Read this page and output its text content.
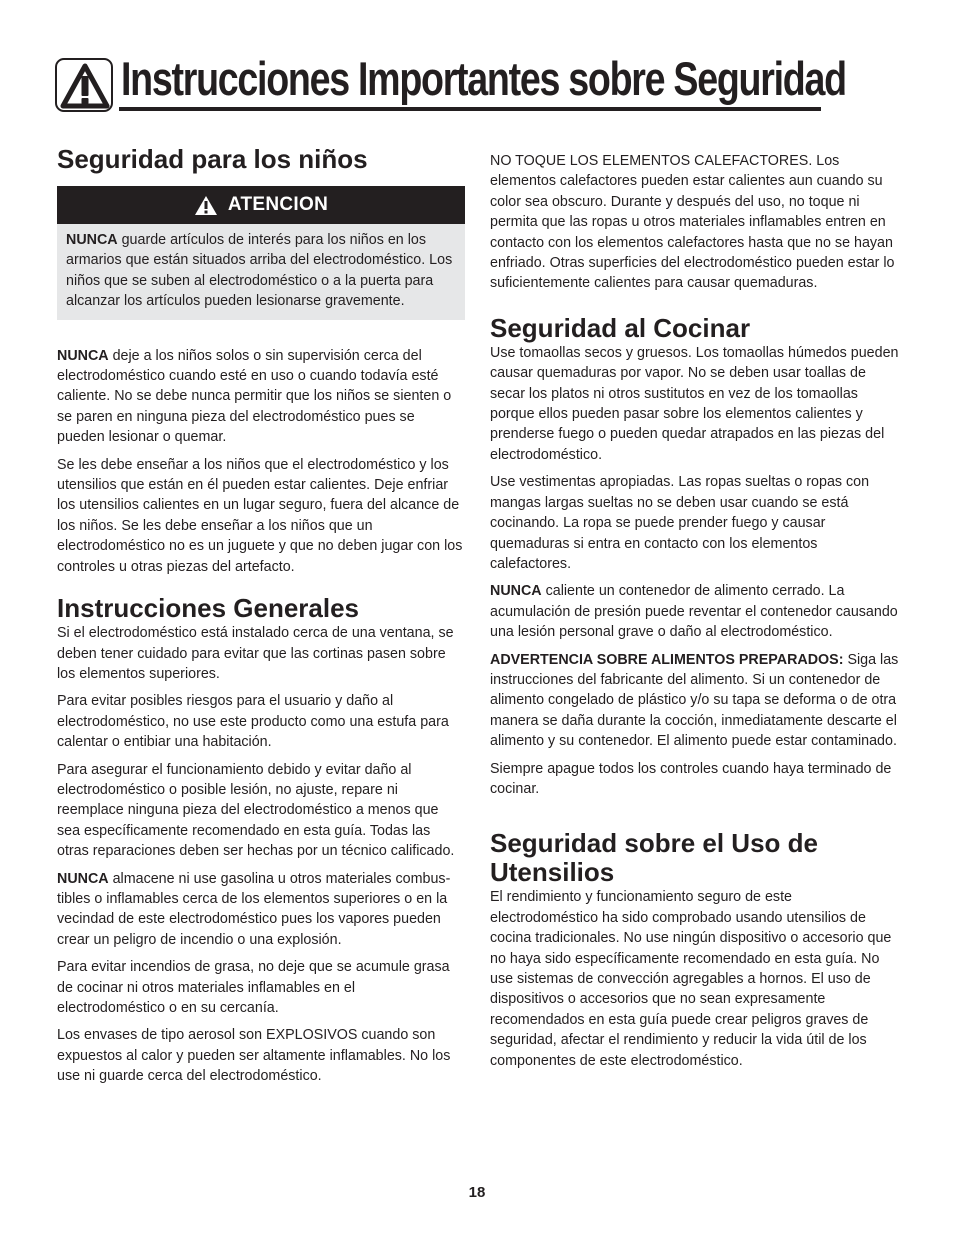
Instrucciones Importantes sobre Seguridad
Seguridad para los niños
ATENCION
NUNCA guarde artículos de interés para los niños en los armarios que están situados arriba del electrodoméstico. Los niños que se suben al electrodoméstico o a la puerta para alcanzar los artículos pueden lesionarse gravemente.

NUNCA deje a los niños solos o sin supervisión cerca del electrodoméstico cuando esté en uso o cuando todavía esté caliente. No se debe nunca permitir que los niños se sienten o se paren en ninguna pieza del electrodoméstico pues se pueden lesionar o quemar.

Se les debe enseñar a los niños que el electrodoméstico y los utensilios que están en él pueden estar calientes. Deje enfriar los utensilios calientes en un lugar seguro, fuera del alcance de los niños. Se les debe enseñar a los niños que un electrodoméstico no es un juguete y que no deben jugar con los controles u otras piezas del artefacto.

Instrucciones Generales

Si el electrodoméstico está instalado cerca de una ventana, se deben tener cuidado para evitar que las cortinas pasen sobre los elementos superiores.

Para evitar posibles riesgos para el usuario y daño al electrodoméstico, no use este producto como una estufa para calentar o entibiar una habitación.

Para asegurar el funcionamiento debido y evitar daño al electrodoméstico o posible lesión, no ajuste, repare ni reemplace ninguna pieza del electrodoméstico a menos que sea específicamente recomendado en esta guía. Todas las otras reparaciones deben ser hechas por un técnico calificado.

NUNCA almacene ni use gasolina u otros materiales combus-tibles o inflamables cerca de los elementos superiores o en la vecindad de este electrodoméstico pues los vapores pueden crear un peligro de incendio o una explosión.

Para evitar incendios de grasa, no deje que se acumule grasa de cocinar ni otros materiales inflamables en el electrodoméstico o en su cercanía.

Los envases de tipo aerosol son EXPLOSIVOS cuando son expuestos al calor y pueden ser altamente inflamables. No los use ni guarde cerca del electrodoméstico.

NO TOQUE LOS ELEMENTOS CALEFACTORES. Los elementos calefactores pueden estar calientes aun cuando su color sea obscuro. Durante y después del uso, no toque ni permita que las ropas u otros materiales inflamables entren en contacto con los elementos calefactores hasta que no se hayan enfriado. Otras superficies del electrodoméstico pueden estar lo suficientemente calientes para causar quemaduras.

Seguridad al Cocinar

Use tomaollas secos y gruesos. Los tomaollas húmedos pueden causar quemaduras por vapor. No se deben usar toallas de secar los platos ni otros sustitutos en vez de los tomaollas porque ellos pueden pasar sobre los elementos calientes y prenderse fuego o pueden quedar atrapados en las piezas del electrodoméstico.

Use vestimentas apropiadas. Las ropas sueltas o ropas con mangas largas sueltas no se deben usar cuando se está cocinando. La ropa se puede prender fuego y causar quemaduras si entra en contacto con los elementos calefactores.

NUNCA caliente un contenedor de alimento cerrado. La acumulación de presión puede reventar el contenedor causando una lesión personal grave o daño al electrodoméstico.

ADVERTENCIA SOBRE ALIMENTOS PREPARADOS: Siga las instrucciones del fabricante del alimento. Si un contenedor de alimento congelado de plástico y/o su tapa se deforma o de otra manera se daña durante la cocción, inmediatamente descarte el alimento y su contenedor. El alimento puede estar contaminado.

Siempre apague todos los controles cuando haya terminado de cocinar.

Seguridad sobre el Uso de Utensilios

El rendimiento y funcionamiento seguro de este electrodoméstico ha sido comprobado usando utensilios de cocina tradicionales. No use ningún dispositivo o accesorio que no haya sido específicamente recomendado en esta guía. No use sistemas de convección agregables a hornos. El uso de dispositivos o accesorios que no sean expresamente recomendados en esta guía puede crear peligros graves de seguridad, afectar el rendimiento y reducir la vida útil de los componentes de este electrodoméstico.

18
